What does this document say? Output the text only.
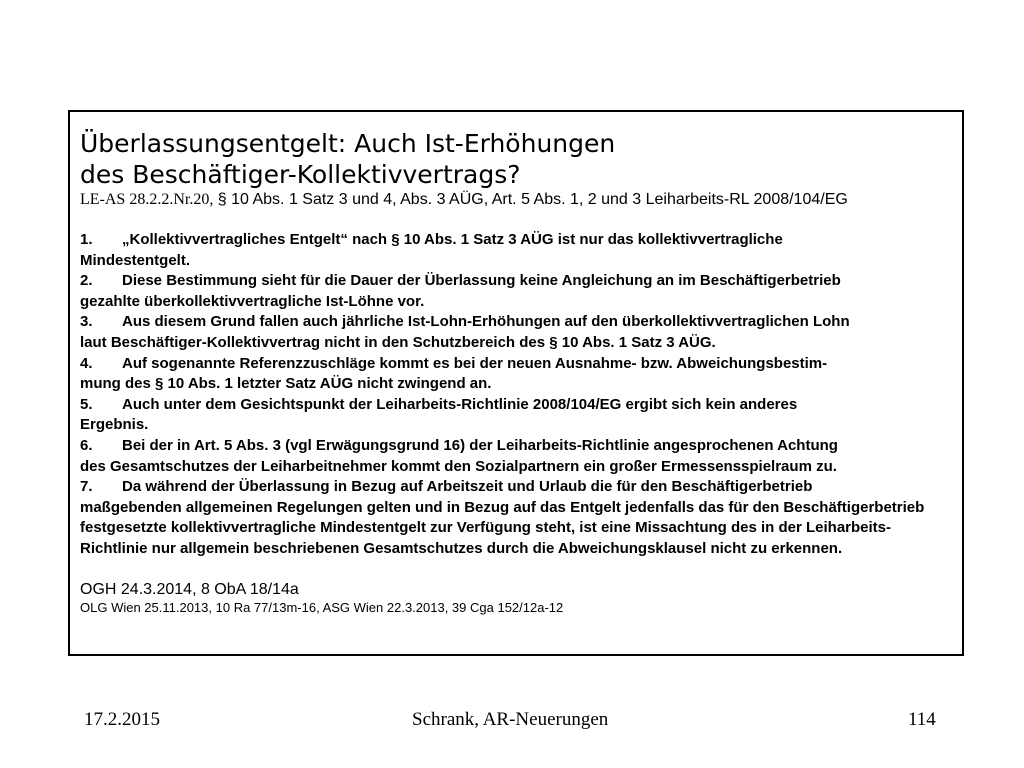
Überlassungsentgelt: Auch Ist-Erhöhungen
des Beschäftiger-Kollektivvertrags?

LE-AS 28.2.2.Nr.20, § 10 Abs. 1 Satz 3 und 4, Abs. 3 AÜG, Art. 5 Abs. 1, 2 und 3 Leiharbeits-RL 2008/104/EG

1. „Kollektivvertragliches Entgelt“ nach § 10 Abs. 1 Satz 3 AÜG ist nur das kollektivvertragliche
Mindestentgelt.

2. Diese Bestimmung sieht für die Dauer der Überlassung keine Angleichung an im Beschäftigerbetrieb
gezahlte überkollektivvertragliche Ist-Löhne vor.

3. Aus diesem Grund fallen auch jährliche Ist-Lohn-Erhöhungen auf den überkollektivvertraglichen Lohn
laut Beschäftiger-Kollektivvertrag nicht in den Schutzbereich des § 10 Abs. 1 Satz 3 AÜG.

4. Auf sogenannte Referenzzuschläge kommt es bei der neuen Ausnahme- bzw. Abweichungsbestim-
mung des § 10 Abs. 1 letzter Satz AÜG nicht zwingend an.

5. Auch unter dem Gesichtspunkt der Leiharbeits-Richtlinie 2008/104/EG ergibt sich kein anderes
Ergebnis.

6. Bei der in Art. 5 Abs. 3 (vgl Erwägungsgrund 16) der Leiharbeits-Richtlinie angesprochenen Achtung
des Gesamtschutzes der Leiharbeitnehmer kommt den Sozialpartnern ein großer Ermessensspielraum zu.

7. Da während der Überlassung in Bezug auf Arbeitszeit und Urlaub die für den Beschäftigerbetrieb
maßgebenden allgemeinen Regelungen gelten und in Bezug auf das Entgelt jedenfalls das für den Beschäftigerbetrieb festgesetzte kollektivvertragliche Mindestentgelt zur Verfügung steht, ist eine Missachtung des in der Leiharbeits-Richtlinie nur allgemein beschriebenen Gesamtschutzes durch die Abweichungsklausel nicht zu erkennen.

OGH 24.3.2014, 8 ObA 18/14a

OLG Wien 25.11.2013, 10 Ra 77/13m-16, ASG Wien 22.3.2013, 39 Cga 152/12a-12

17.2.2015	Schrank, AR-Neuerungen	114
